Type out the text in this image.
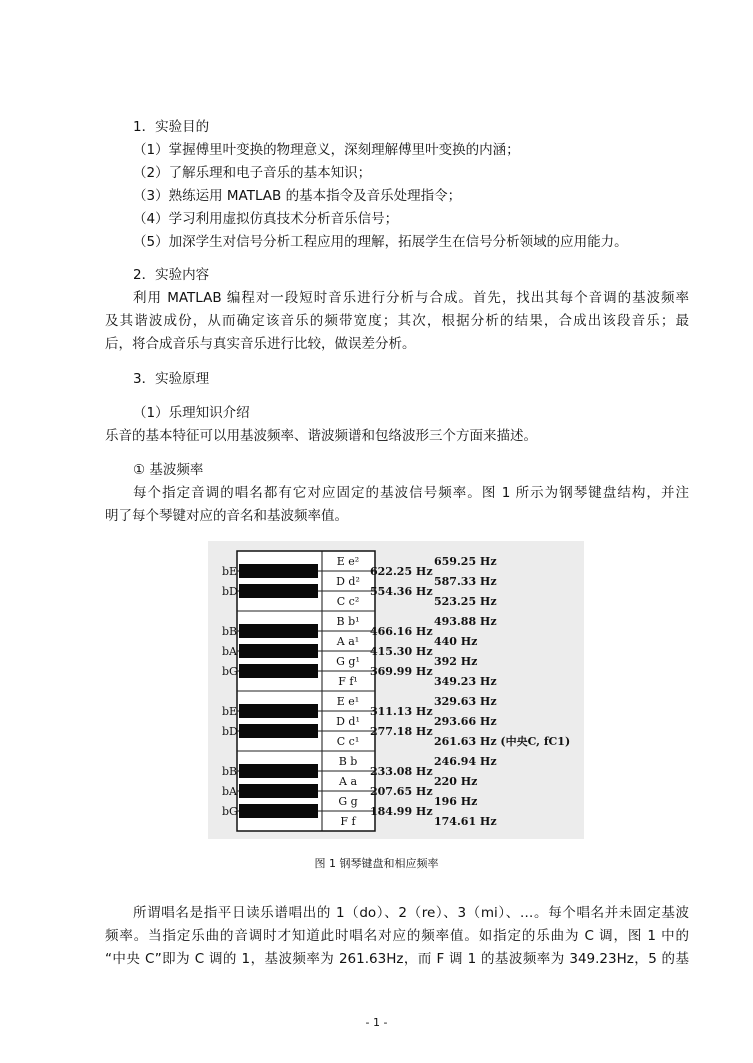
1．实验目的
（1）掌握傅里叶变换的物理意义，深刻理解傅里叶变换的内涵；
（2）了解乐理和电子音乐的基本知识；
（3）熟练运用 MATLAB 的基本指令及音乐处理指令；
（4）学习利用虚拟仿真技术分析音乐信号；
（5）加深学生对信号分析工程应用的理解，拓展学生在信号分析领域的应用能力。
2．实验内容
利用 MATLAB 编程对一段短时音乐进行分析与合成。首先，找出其每个音调的基波频率
及其谐波成份，从而确定该音乐的频带宽度；其次，根据分析的结果，合成出该段音乐；最
后，将合成音乐与真实音乐进行比较，做误差分析。
3．实验原理
（1）乐理知识介绍
乐音的基本特征可以用基波频率、谐波频谱和包络波形三个方面来描述。
① 基波频率
每个指定音调的唱名都有它对应固定的基波信号频率。图 1 所示为钢琴键盘结构，并注
明了每个琴键对应的音名和基波频率值。
E e²
D d²
C c²
B b¹
A a¹
G g¹
F f¹
E e¹
D d¹
C c¹
B b
A a
G g
F f
659.25 Hz
587.33 Hz
523.25 Hz
493.88 Hz
440 Hz
392 Hz
349.23 Hz
329.63 Hz
293.66 Hz
261.63 Hz (中央C, fC1)
246.94 Hz
220 Hz
196 Hz
174.61 Hz
622.25 Hz
554.36 Hz
466.16 Hz
415.30 Hz
369.99 Hz
311.13 Hz
277.18 Hz
233.08 Hz
207.65 Hz
184.99 Hz
bE
bD
bB
bA
bG
bE
bD
bB
bA
bG
图 1 钢琴键盘和相应频率
所谓唱名是指平日读乐谱唱出的 1（do）、2（re）、3（mi）、…。每个唱名并未固定基波
频率。当指定乐曲的音调时才知道此时唱名对应的频率值。如指定的乐曲为 C 调，图 1 中的
“中央 C”即为 C 调的 1，基波频率为 261.63Hz，而 F 调 1 的基波频率为 349.23Hz，5 的基
- 1 -
